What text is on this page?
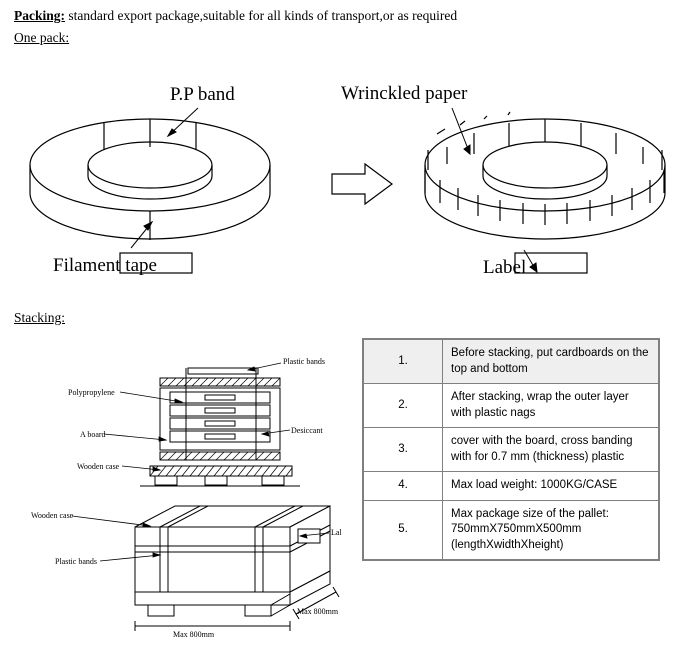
Packing: standard export package,suitable for all kinds of transport,or as required
One pack:
P.P band	Wrinckled paper
Filament tape	Label
Stacking:
Plastic bands
Polypropylene
A board	Desiccant
Wooden case
Wooden case
Lal
Plastic bands
Max 800mm
Max 800mm
1.	Before stacking, put cardboards on the top and bottom
2.	After stacking, wrap the outer layer with plastic nags
3.	cover with the board, cross banding with for 0.7 mm (thickness) plastic
4.	Max load weight: 1000KG/CASE
5.	Max package size of the pallet: 750mmX750mmX500mm (lengthXwidthXheight)
